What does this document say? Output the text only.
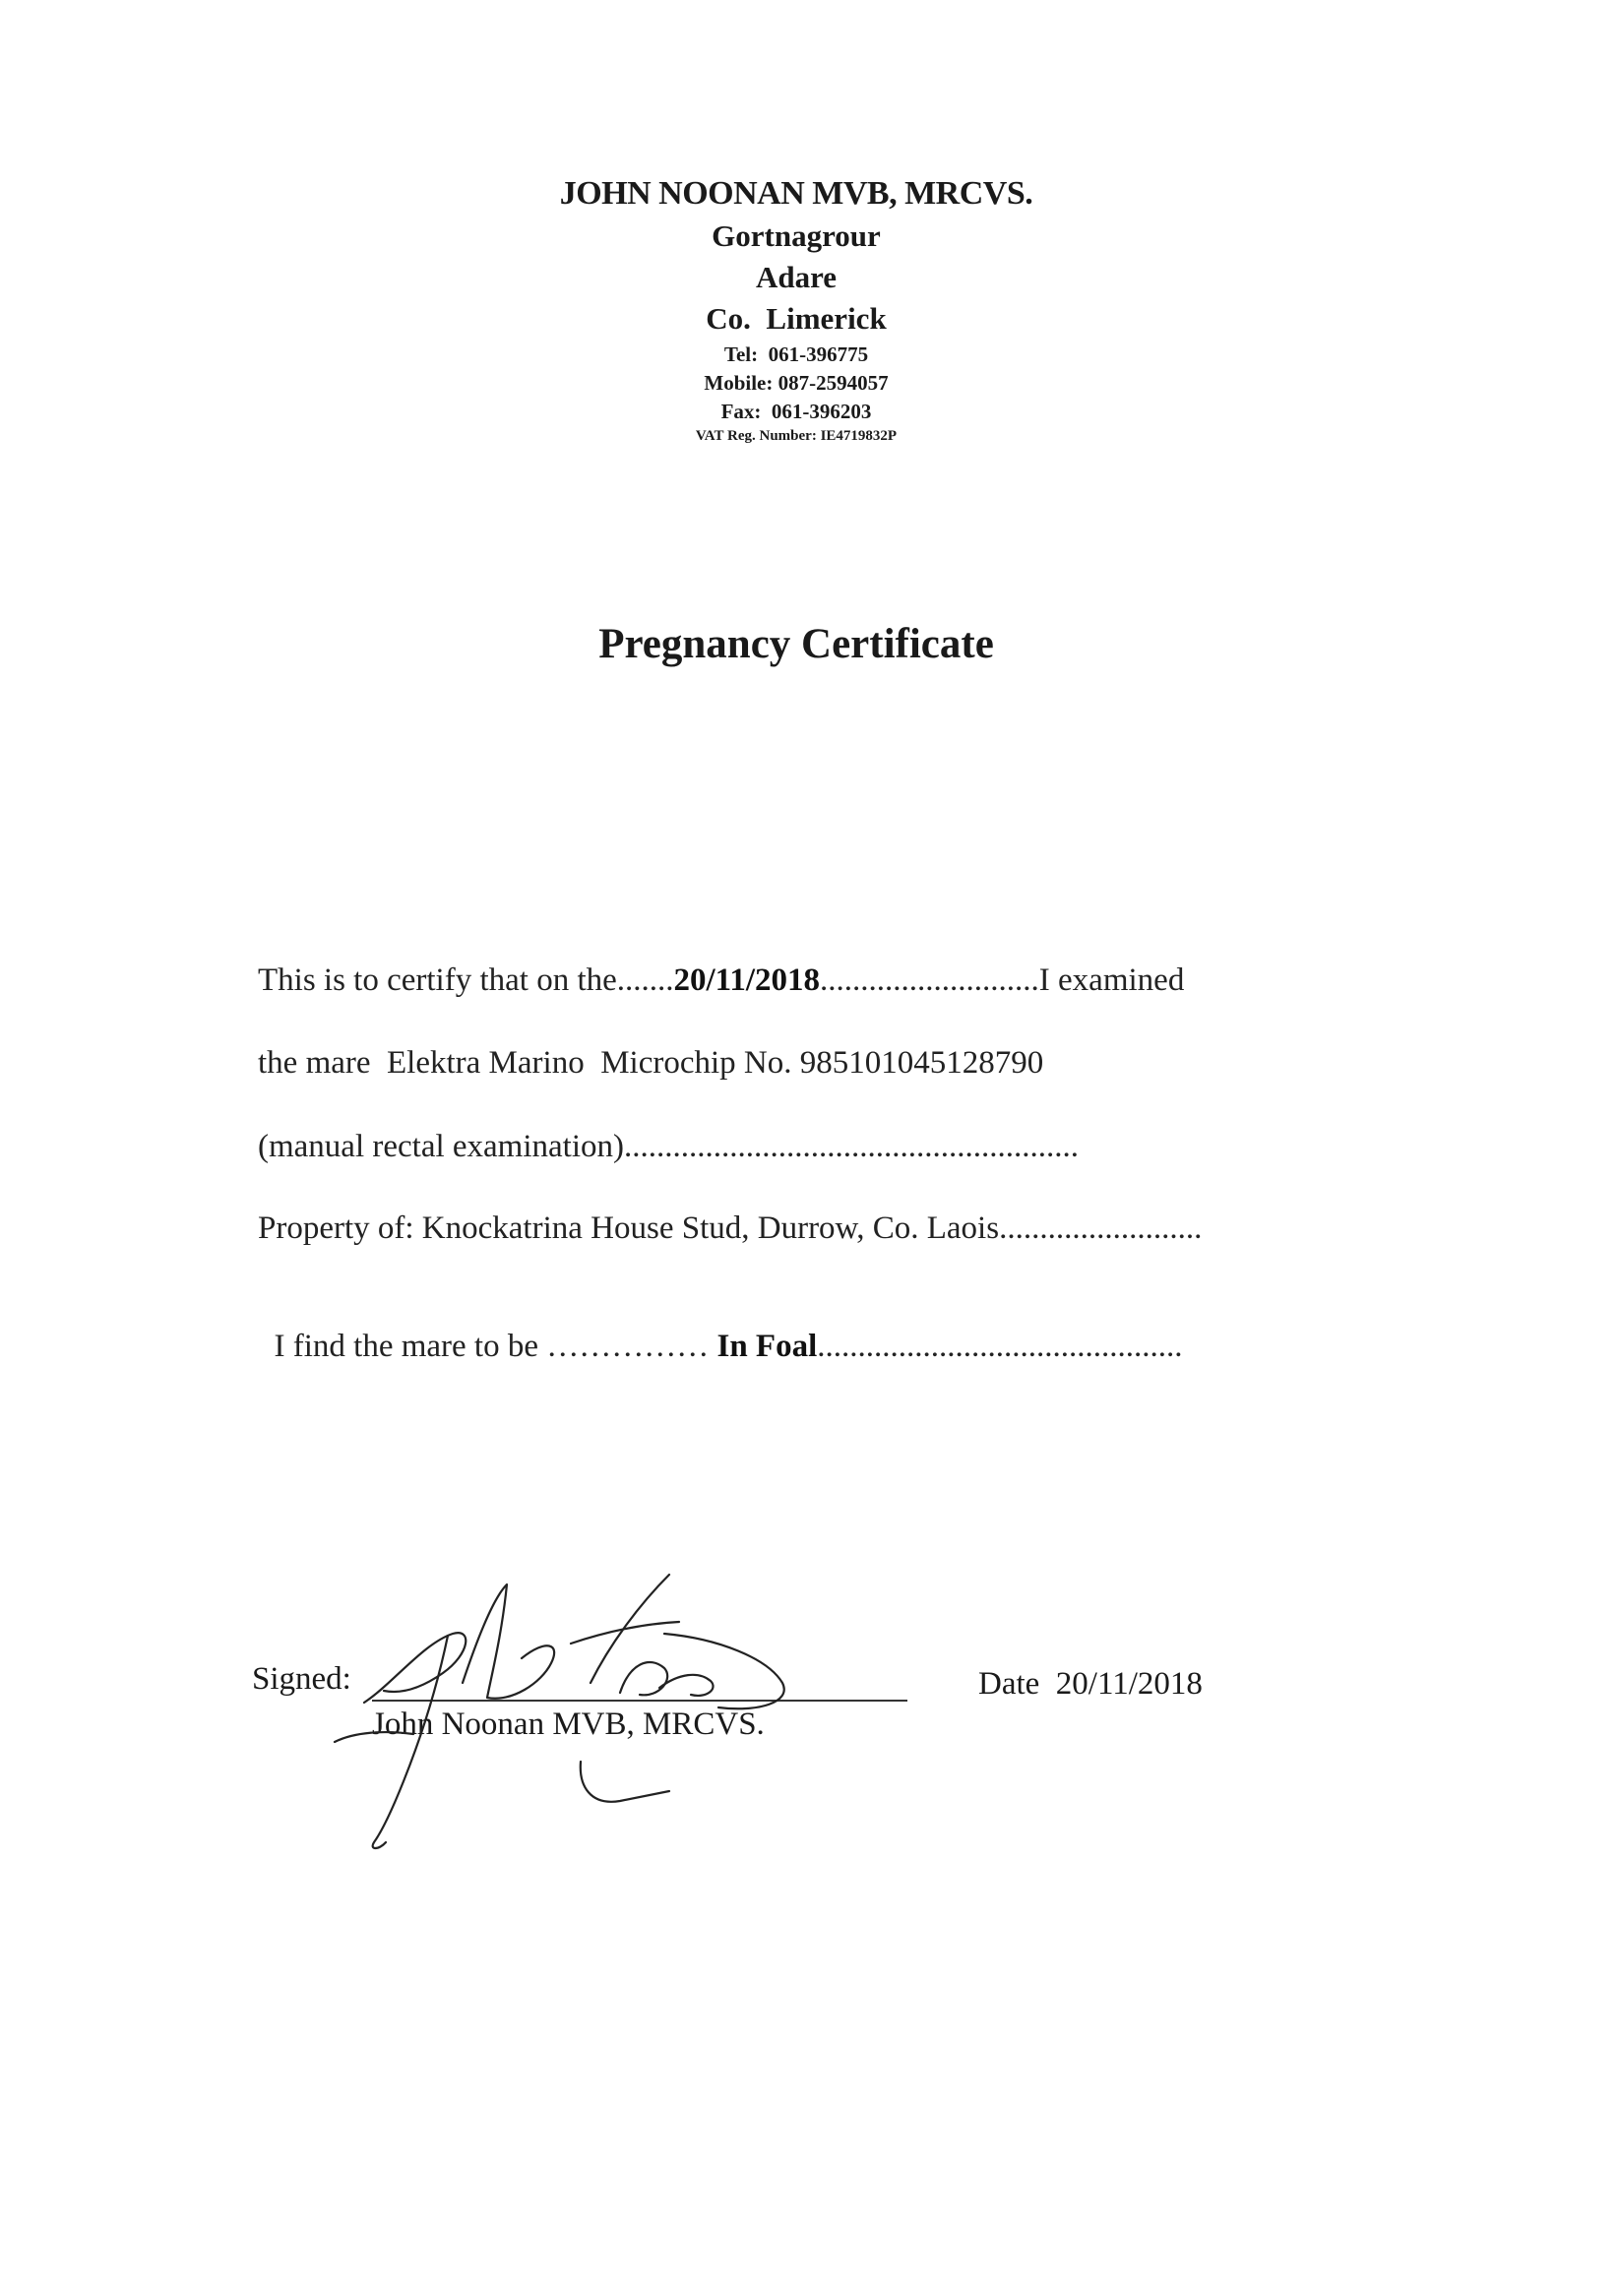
JOHN NOONAN MVB, MRCVS.
Gortnagrour
Adare
Co.  Limerick
Tel:  061-396775
Mobile: 087-2594057
Fax:  061-396203
VAT Reg. Number: IE4719832P
Pregnancy Certificate
This is to certify that on the.......20/11/2018...........................I examined
the mare  Elektra Marino  Microchip No. 985101045128790
(manual rectal examination)........................................................
Property of: Knockatrina House Stud, Durrow, Co. Laois.........................

I find the mare to be …………… In Foal.............................................

Signed:
John Noonan MVB, MRCVS.
Date  20/11/2018
